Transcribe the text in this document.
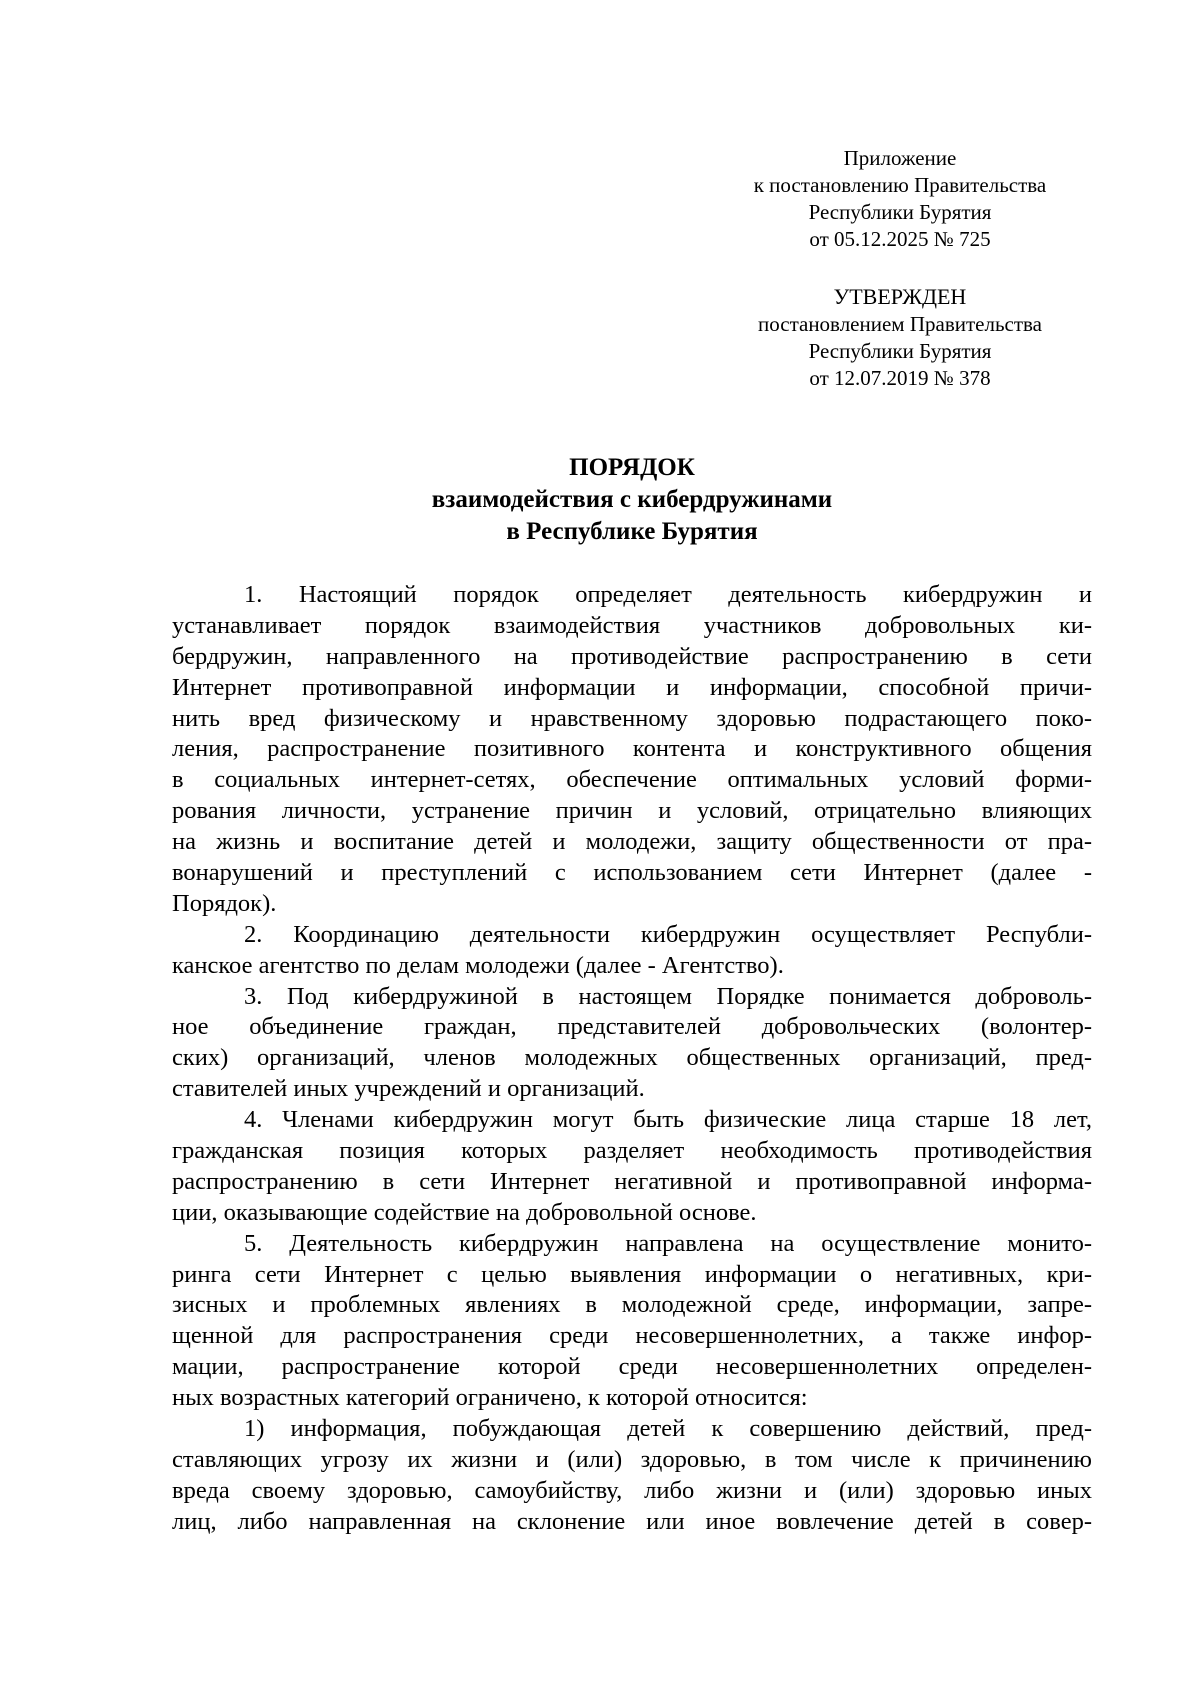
Приложение
к постановлению Правительства
Республики Бурятия
от 05.12.2025 № 725
УТВЕРЖДЕН
постановлением Правительства
Республики Бурятия
от 12.07.2019 № 378
ПОРЯДОК
взаимодействия с кибердружинами
в Республике Бурятия
1. Настоящий порядок определяет деятельность кибердружин и
устанавливает порядок взаимодействия участников добровольных ки-
бердружин, направленного на противодействие распространению в сети
Интернет противоправной информации и информации, способной причи-
нить вред физическому и нравственному здоровью подрастающего поко-
ления, распространение позитивного контента и конструктивного общения
в социальных интернет-сетях, обеспечение оптимальных условий форми-
рования личности, устранение причин и условий, отрицательно влияющих
на жизнь и воспитание детей и молодежи, защиту общественности от пра-
вонарушений и преступлений с использованием сети Интернет (далее -
Порядок).
2. Координацию деятельности кибердружин осуществляет Республи-
канское агентство по делам молодежи (далее - Агентство).
3. Под кибердружиной в настоящем Порядке понимается доброволь-
ное объединение граждан, представителей добровольческих (волонтер-
ских) организаций, членов молодежных общественных организаций, пред-
ставителей иных учреждений и организаций.
4. Членами кибердружин могут быть физические лица старше 18 лет,
гражданская позиция которых разделяет необходимость противодействия
распространению в сети Интернет негативной и противоправной информа-
ции, оказывающие содействие на добровольной основе.
5. Деятельность кибердружин направлена на осуществление монито-
ринга сети Интернет с целью выявления информации о негативных, кри-
зисных и проблемных явлениях в молодежной среде, информации, запре-
щенной для распространения среди несовершеннолетних, а также инфор-
мации, распространение которой среди несовершеннолетних определен-
ных возрастных категорий ограничено, к которой относится:
1) информация, побуждающая детей к совершению действий, пред-
ставляющих угрозу их жизни и (или) здоровью, в том числе к причинению
вреда своему здоровью, самоубийству, либо жизни и (или) здоровью иных
лиц, либо направленная на склонение или иное вовлечение детей в совер-
